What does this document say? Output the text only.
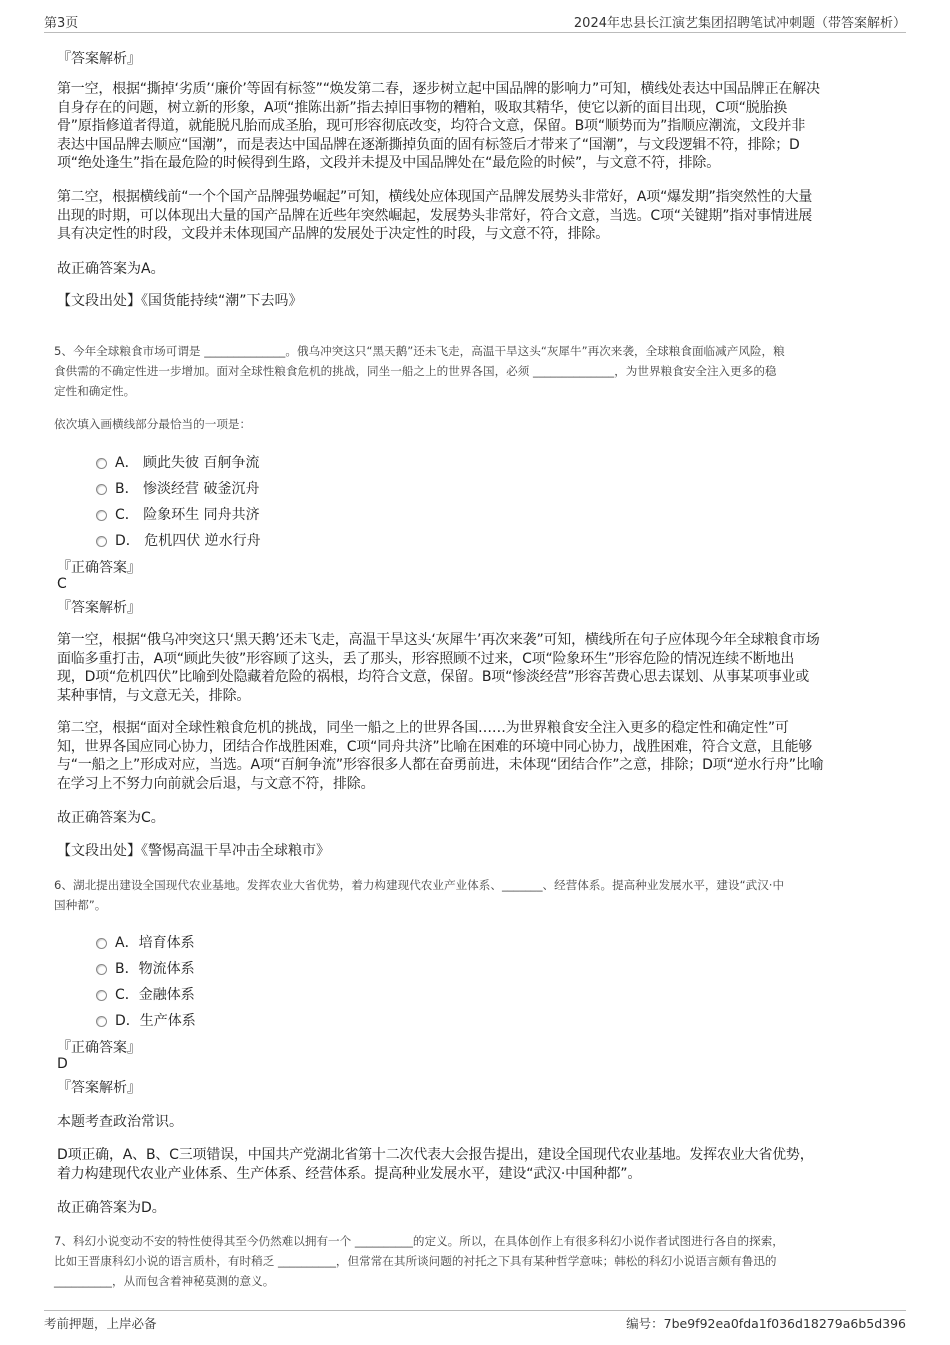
第3页	2024年忠县长江演艺集团招聘笔试冲刺题（带答案解析）
『答案解析』
第一空，根据“撕掉‘劣质’‘廉价’等固有标签”“焕发第二春，逐步树立起中国品牌的影响力”可知，横线处表达中国品牌正在解决
自身存在的问题，树立新的形象，A项“推陈出新”指去掉旧事物的糟粕，吸取其精华，使它以新的面目出现，C项“脱胎换
骨”原指修道者得道，就能脱凡胎而成圣胎，现可形容彻底改变，均符合文意，保留。B项“顺势而为”指顺应潮流，文段并非
表达中国品牌去顺应“国潮”，而是表达中国品牌在逐渐撕掉负面的固有标签后才带来了“国潮”，与文段逻辑不符，排除；D
项“绝处逢生”指在最危险的时候得到生路，文段并未提及中国品牌处在“最危险的时候”，与文意不符，排除。
第二空，根据横线前“一个个国产品牌强势崛起”可知，横线处应体现国产品牌发展势头非常好，A项“爆发期”指突然性的大量
出现的时期，可以体现出大量的国产品牌在近些年突然崛起，发展势头非常好，符合文意，当选。C项“关键期”指对事情进展
具有决定性的时段，文段并未体现国产品牌的发展处于决定性的时段，与文意不符，排除。
故正确答案为A。
【文段出处】《国货能持续“潮”下去吗》
5、今年全球粮食市场可谓是 ______________。俄乌冲突这只“黑天鹅”还未飞走，高温干旱这头“灰犀牛”再次来袭，全球粮食面临减产风险，粮
食供需的不确定性进一步增加。面对全球性粮食危机的挑战，同坐一船之上的世界各国，必须 ______________，为世界粮食安全注入更多的稳
定性和确定性。
依次填入画横线部分最恰当的一项是：
A． 顾此失彼 百舸争流
B． 惨淡经营 破釜沉舟
C． 险象环生 同舟共济
D． 危机四伏 逆水行舟
『正确答案』
C
『答案解析』
第一空，根据“俄乌冲突这只‘黑天鹅’还未飞走，高温干旱这头‘灰犀牛’再次来袭”可知，横线所在句子应体现今年全球粮食市场
面临多重打击，A项“顾此失彼”形容顾了这头，丢了那头，形容照顾不过来，C项“险象环生”形容危险的情况连续不断地出
现，D项“危机四伏”比喻到处隐藏着危险的祸根，均符合文意，保留。B项“惨淡经营”形容苦费心思去谋划、从事某项事业或
某种事情，与文意无关，排除。
第二空，根据“面对全球性粮食危机的挑战，同坐一船之上的世界各国……为世界粮食安全注入更多的稳定性和确定性”可
知，世界各国应同心协力，团结合作战胜困难，C项“同舟共济”比喻在困难的环境中同心协力，战胜困难，符合文意，且能够
与“一船之上”形成对应，当选。A项“百舸争流”形容很多人都在奋勇前进，未体现“团结合作”之意，排除；D项“逆水行舟”比喻
在学习上不努力向前就会后退，与文意不符，排除。
故正确答案为C。
【文段出处】《警惕高温干旱冲击全球粮市》
6、湖北提出建设全国现代农业基地。发挥农业大省优势，着力构建现代农业产业体系、_______、经营体系。提高种业发展水平，建设“武汉·中
国种都”。
A．培育体系
B．物流体系
C．金融体系
D．生产体系
『正确答案』
D
『答案解析』
本题考查政治常识。
D项正确，A、B、C三项错误，中国共产党湖北省第十二次代表大会报告提出，建设全国现代农业基地。发挥农业大省优势，
着力构建现代农业产业体系、生产体系、经营体系。提高种业发展水平，建设“武汉·中国种都”。
故正确答案为D。
7、科幻小说变动不安的特性使得其至今仍然难以拥有一个 __________的定义。所以，在具体创作上有很多科幻小说作者试图进行各自的探索，
比如王晋康科幻小说的语言质朴，有时稍乏 __________，但常常在其所谈问题的衬托之下具有某种哲学意味；韩松的科幻小说语言颇有鲁迅的
__________，从而包含着神秘莫测的意义。
考前押题，上岸必备	编号：7be9f92ea0fda1f036d18279a6b5d396
